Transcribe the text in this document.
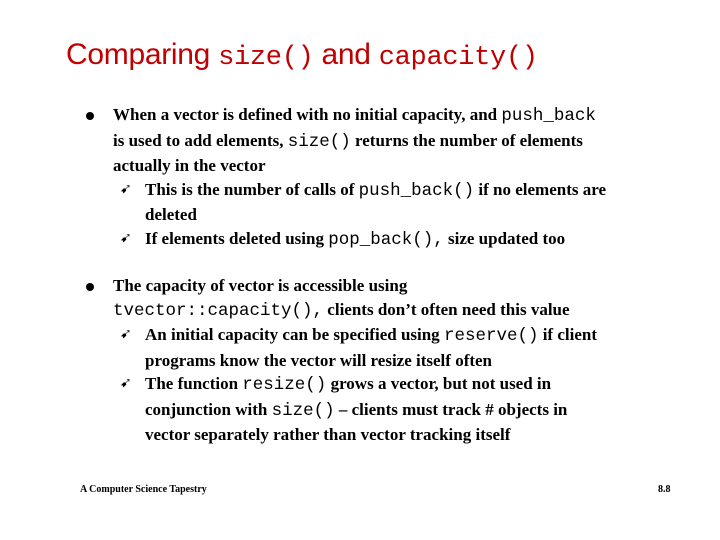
Comparing size() and capacity()
When a vector is defined with no initial capacity, and push_back
is used to add elements, size() returns the number of elements
actually in the vector
➹ This is the number of calls of push_back() if no elements are
deleted
➹ If elements deleted using pop_back(), size updated too
The capacity of vector is accessible using
tvector::capacity(), clients don’t often need this value
➹ An initial capacity can be specified using reserve() if client
programs know the vector will resize itself often
➹ The function resize() grows a vector, but not used in
conjunction with size() – clients must track # objects in
vector separately rather than vector tracking itself
A Computer Science Tapestry	8.8
